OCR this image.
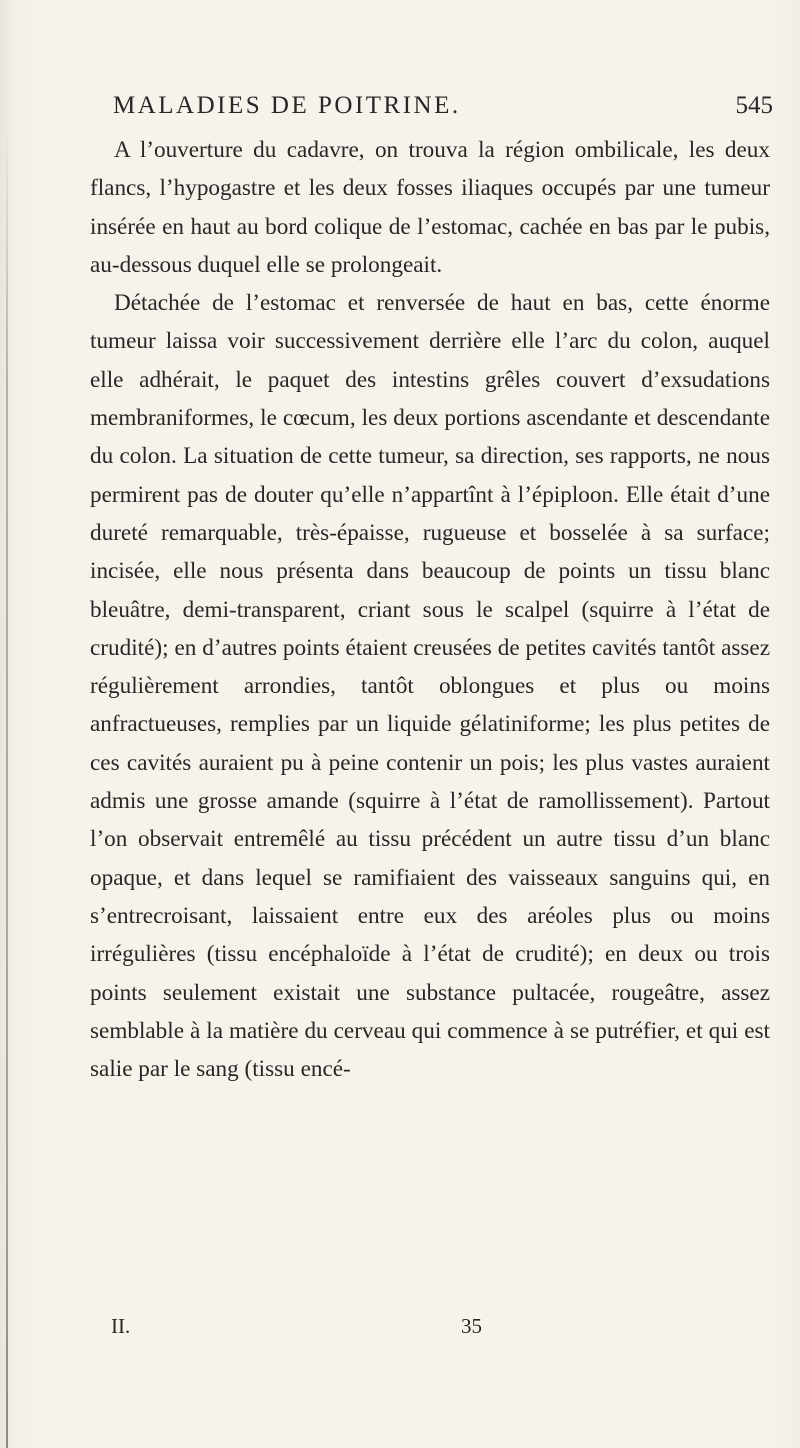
MALADIES DE POITRINE.	545

A l’ouverture du cadavre, on trouva la région ombilicale, les deux flancs, l’hypogastre et les deux fosses iliaques occupés par une tumeur insérée en haut au bord colique de l’estomac, cachée en bas par le pubis, au-dessous duquel elle se prolongeait.

Détachée de l’estomac et renversée de haut en bas, cette énorme tumeur laissa voir successivement derrière elle l’arc du colon, auquel elle adhérait, le paquet des intestins grêles couvert d’exsudations membraniformes, le cœcum, les deux portions ascendante et descendante du colon. La situation de cette tumeur, sa direction, ses rapports, ne nous permirent pas de douter qu’elle n’appartînt à l’épiploon. Elle était d’une dureté remarquable, très-épaisse, rugueuse et bosselée à sa surface; incisée, elle nous présenta dans beaucoup de points un tissu blanc bleuâtre, demi-transparent, criant sous le scalpel (squirre à l’état de crudité); en d’autres points étaient creusées de petites cavités tantôt assez régulièrement arrondies, tantôt oblongues et plus ou moins anfractueuses, remplies par un liquide gélatiniforme; les plus petites de ces cavités auraient pu à peine contenir un pois; les plus vastes auraient admis une grosse amande (squirre à l’état de ramollissement). Partout l’on observait entremêlé au tissu précédent un autre tissu d’un blanc opaque, et dans lequel se ramifiaient des vaisseaux sanguins qui, en s’entrecroisant, laissaient entre eux des aréoles plus ou moins irrégulières (tissu encéphaloïde à l’état de crudité); en deux ou trois points seulement existait une substance pultacée, rougeâtre, assez semblable à la matière du cerveau qui commence à se putréfier, et qui est salie par le sang (tissu encé-

II.	35
